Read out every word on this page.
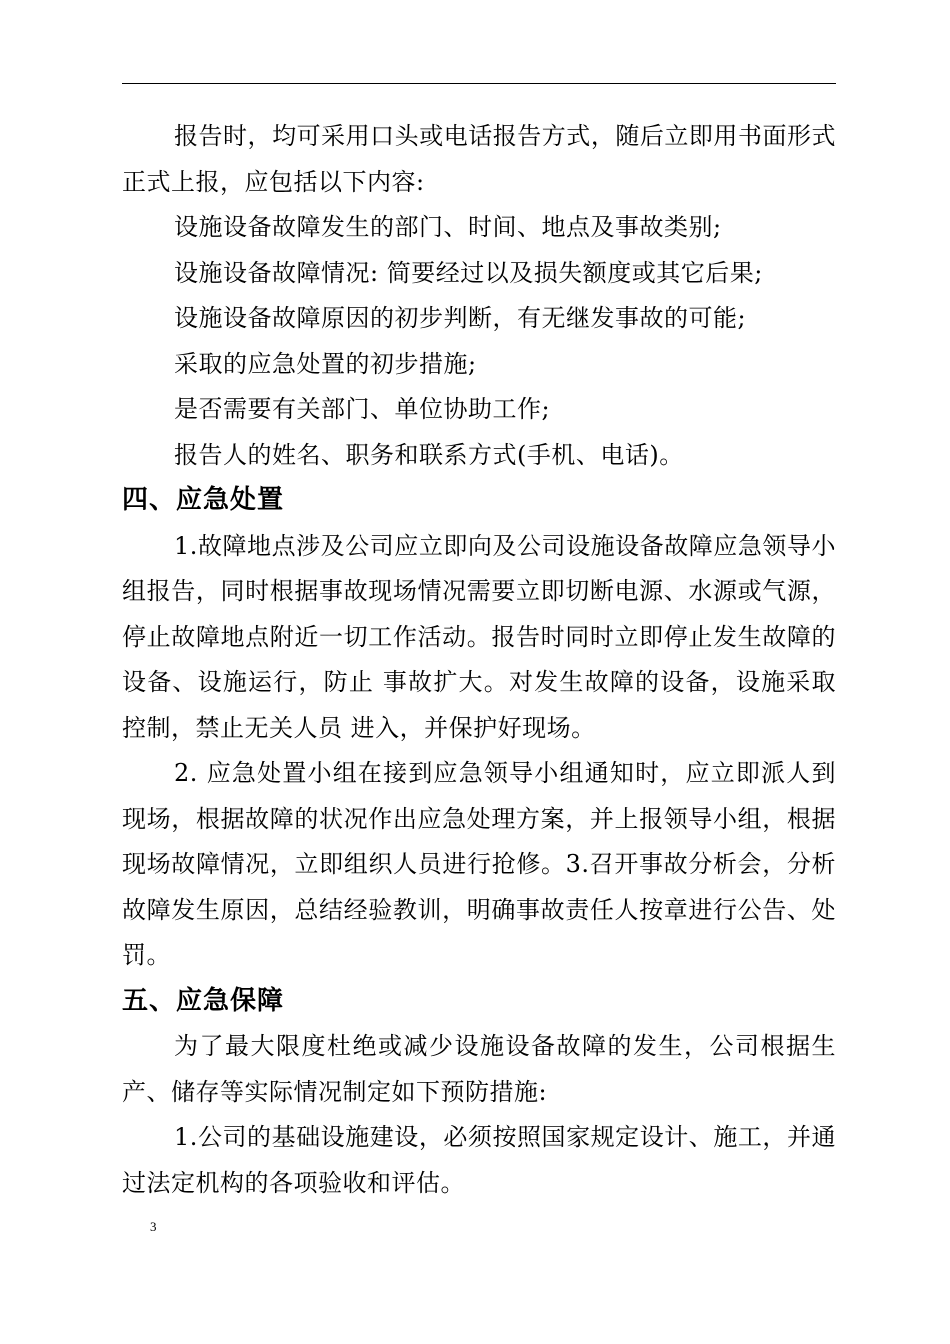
报告时，均可采用口头或电话报告方式，随后立即用书面形式正式上报，应包括以下内容:

设施设备故障发生的部门、时间、地点及事故类别;

设施设备故障情况: 简要经过以及损失额度或其它后果;

设施设备故障原因的初步判断，有无继发事故的可能;

采取的应急处置的初步措施;

是否需要有关部门、单位协助工作;

报告人的姓名、职务和联系方式(手机、电话)。

四、应急处置

1.故障地点涉及公司应立即向及公司设施设备故障应急领导小组报告，同时根据事故现场情况需要立即切断电源、水源或气源，停止故障地点附近一切工作活动。报告时同时立即停止发生故障的设备、设施运行，防止 事故扩大。对发生故障的设备，设施采取控制，禁止无关人员 进入，并保护好现场。

2. 应急处置小组在接到应急领导小组通知时，应立即派人到现场，根据故障的状况作出应急处理方案，并上报领导小组，根据现场故障情况，立即组织人员进行抢修。3.召开事故分析会，分析故障发生原因，总结经验教训，明确事故责任人按章进行公告、处罚。

五、应急保障

为了最大限度杜绝或减少设施设备故障的发生，公司根据生产、储存等实际情况制定如下预防措施:

1.公司的基础设施建设，必须按照国家规定设计、施工，并通过法定机构的各项验收和评估。

3
